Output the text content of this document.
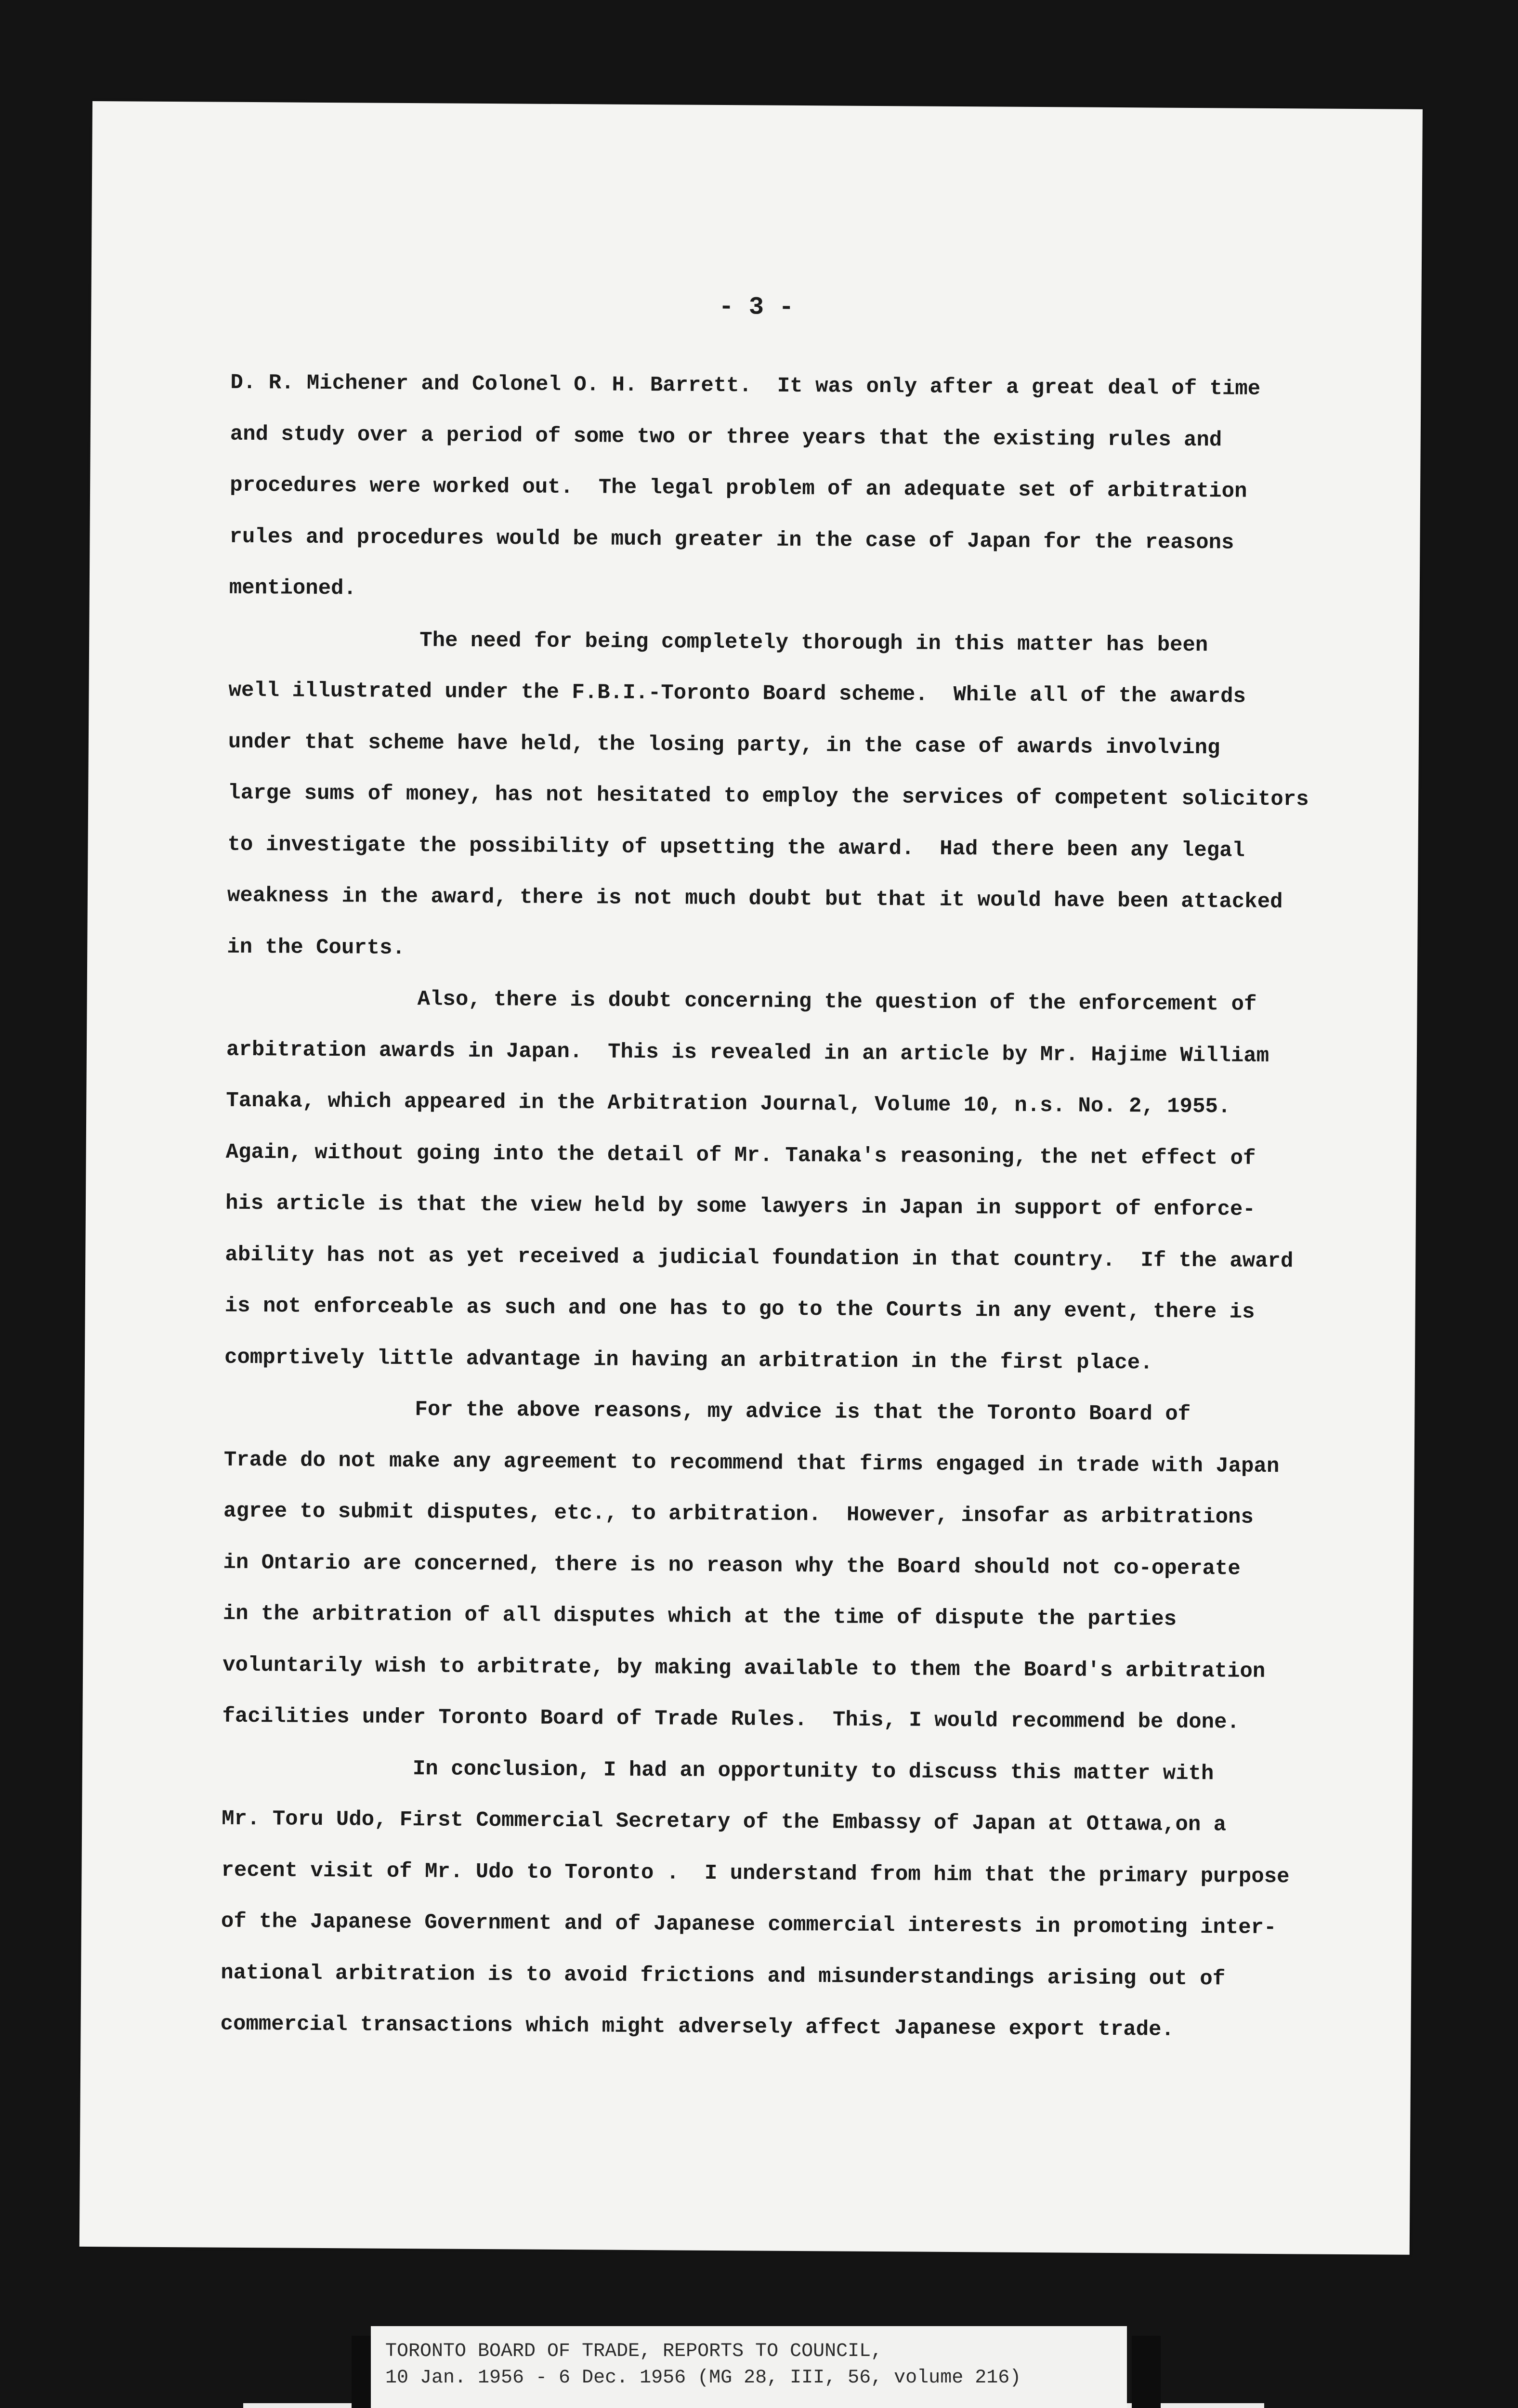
- 3 -
D. R. Michener and Colonel O. H. Barrett.  It was only after a great deal of time
and study over a period of some two or three years that the existing rules and
procedures were worked out.  The legal problem of an adequate set of arbitration
rules and procedures would be much greater in the case of Japan for the reasons
mentioned.
The need for being completely thorough in this matter has been
well illustrated under the F.B.I.-Toronto Board scheme.  While all of the awards
under that scheme have held, the losing party, in the case of awards involving
large sums of money, has not hesitated to employ the services of competent solicitors
to investigate the possibility of upsetting the award.  Had there been any legal
weakness in the award, there is not much doubt but that it would have been attacked
in the Courts.
Also, there is doubt concerning the question of the enforcement of
arbitration awards in Japan.  This is revealed in an article by Mr. Hajime William
Tanaka, which appeared in the Arbitration Journal, Volume 10, n.s. No. 2, 1955.
Again, without going into the detail of Mr. Tanaka's reasoning, the net effect of
his article is that the view held by some lawyers in Japan in support of enforce-
ability has not as yet received a judicial foundation in that country.  If the award
is not enforceable as such and one has to go to the Courts in any event, there is
comprtively little advantage in having an arbitration in the first place.
For the above reasons, my advice is that the Toronto Board of
Trade do not make any agreement to recommend that firms engaged in trade with Japan
agree to submit disputes, etc., to arbitration.  However, insofar as arbitrations
in Ontario are concerned, there is no reason why the Board should not co-operate
in the arbitration of all disputes which at the time of dispute the parties
voluntarily wish to arbitrate, by making available to them the Board's arbitration
facilities under Toronto Board of Trade Rules.  This, I would recommend be done.
In conclusion, I had an opportunity to discuss this matter with
Mr. Toru Udo, First Commercial Secretary of the Embassy of Japan at Ottawa,on a
recent visit of Mr. Udo to Toronto .  I understand from him that the primary purpose
of the Japanese Government and of Japanese commercial interests in promoting inter-
national arbitration is to avoid frictions and misunderstandings arising out of
commercial transactions which might adversely affect Japanese export trade.
TORONTO BOARD OF TRADE, REPORTS TO COUNCIL,
10 Jan. 1956 - 6 Dec. 1956 (MG 28, III, 56, volume 216)
